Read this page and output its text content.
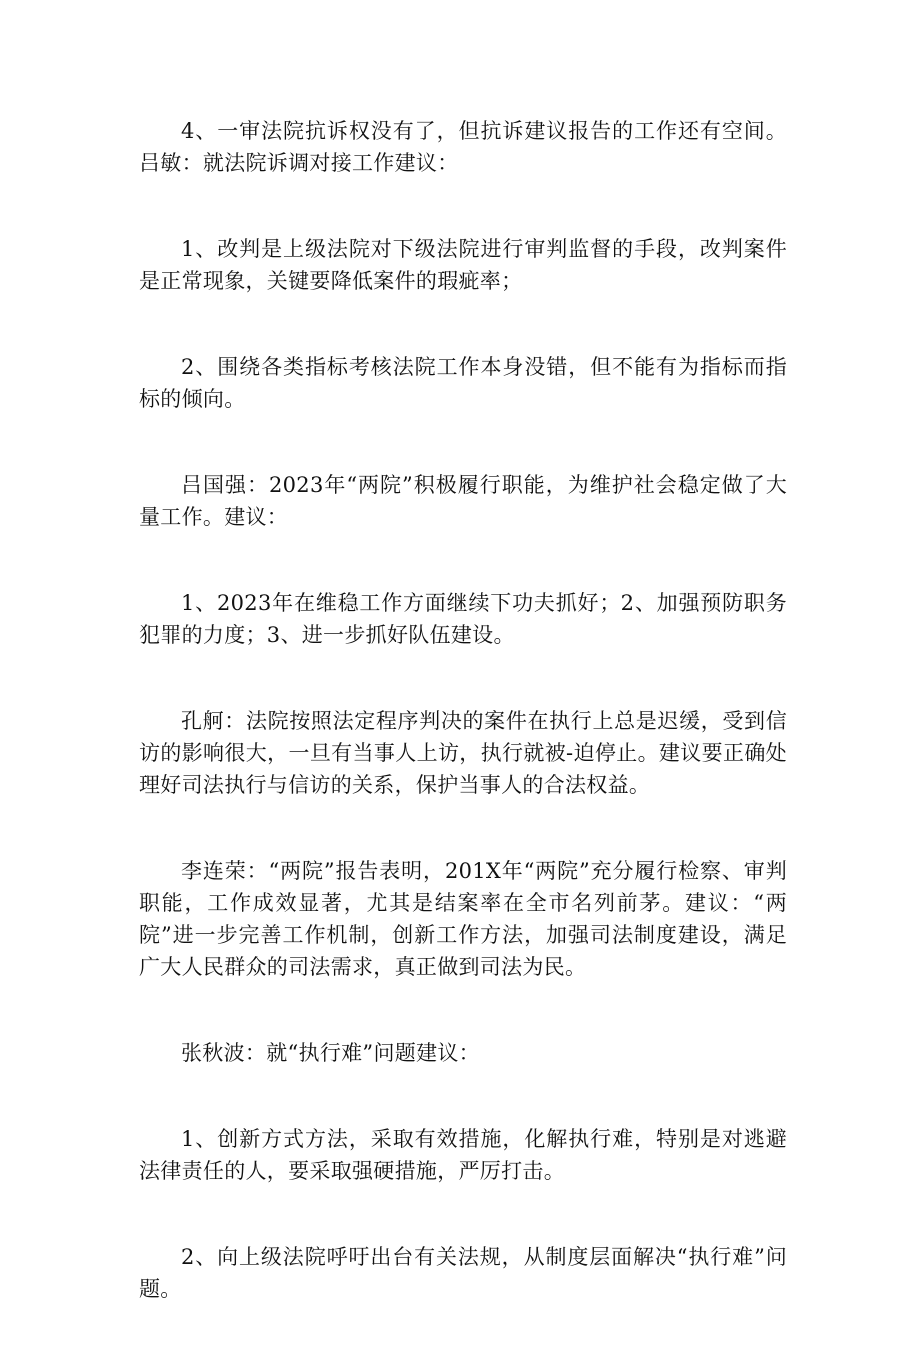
4、一审法院抗诉权没有了，但抗诉建议报告的工作还有空间。吕敏：就法院诉调对接工作建议：

1、改判是上级法院对下级法院进行审判监督的手段，改判案件是正常现象，关键要降低案件的瑕疵率；

2、围绕各类指标考核法院工作本身没错，但不能有为指标而指标的倾向。

吕国强：2023年“两院”积极履行职能，为维护社会稳定做了大量工作。建议：

1、2023年在维稳工作方面继续下功夫抓好；2、加强预防职务犯罪的力度；3、进一步抓好队伍建设。

孔舸：法院按照法定程序判决的案件在执行上总是迟缓，受到信访的影响很大，一旦有当事人上访，执行就被-迫停止。建议要正确处理好司法执行与信访的关系，保护当事人的合法权益。

李连荣：“两院”报告表明，201X年“两院”充分履行检察、审判职能，工作成效显著，尤其是结案率在全市名列前茅。建议：“两院”进一步完善工作机制，创新工作方法，加强司法制度建设，满足广大人民群众的司法需求，真正做到司法为民。

张秋波：就“执行难”问题建议：

1、创新方式方法，采取有效措施，化解执行难，特别是对逃避法律责任的人，要采取强硬措施，严厉打击。

2、向上级法院呼吁出台有关法规，从制度层面解决“执行难”问题。
